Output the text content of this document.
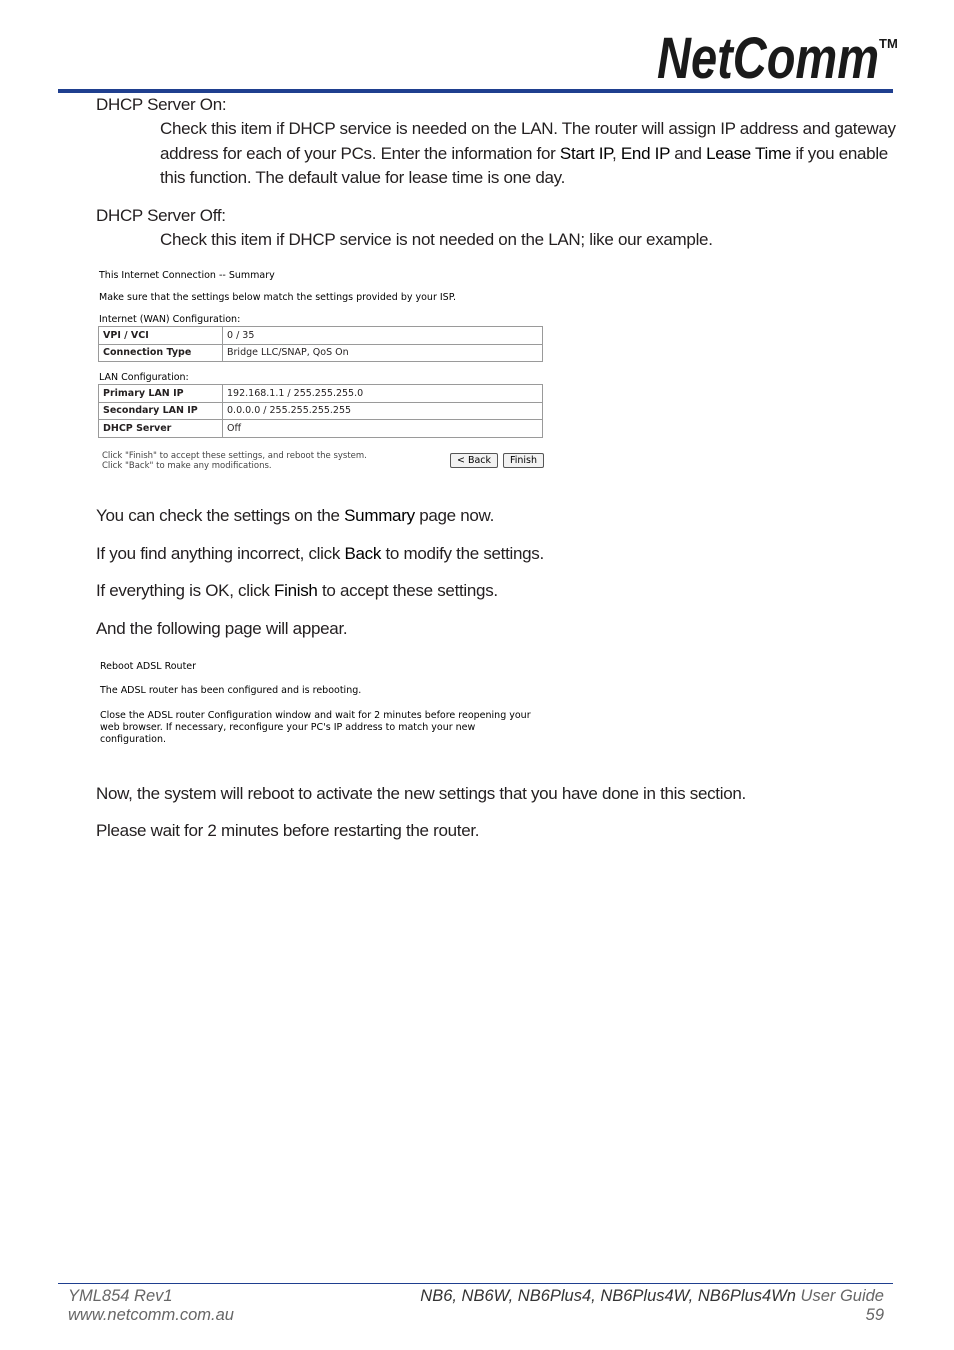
NetComm TM
DHCP Server On:
Check this item if DHCP service is needed on the LAN. The router will assign IP address and gateway
address for each of your PCs. Enter the information for Start IP, End IP and Lease Time if you enable
this function. The default value for lease time is one day.
DHCP Server Off:
Check this item if DHCP service is not needed on the LAN; like our example.
This Internet Connection -- Summary
Make sure that the settings below match the settings provided by your ISP.
Internet (WAN) Configuration:
VPI / VCI	0 / 35
Connection Type	Bridge LLC/SNAP, QoS On
LAN Configuration:
Primary LAN IP	192.168.1.1 / 255.255.255.0
Secondary LAN IP	0.0.0.0 / 255.255.255.255
DHCP Server	Off
Click "Finish" to accept these settings, and reboot the system.
Click "Back" to make any modifications.	< Back	Finish
You can check the settings on the Summary page now.
If you find anything incorrect, click Back to modify the settings.
If everything is OK, click Finish to accept these settings.
And the following page will appear.
Reboot ADSL Router
The ADSL router has been configured and is rebooting.
Close the ADSL router Configuration window and wait for 2 minutes before reopening your
web browser. If necessary, reconfigure your PC's IP address to match your new
configuration.
Now, the system will reboot to activate the new settings that you have done in this section.
Please wait for 2 minutes before restarting the router.
YML854 Rev1
www.netcomm.com.au
NB6, NB6W, NB6Plus4, NB6Plus4W, NB6Plus4Wn User Guide
59
